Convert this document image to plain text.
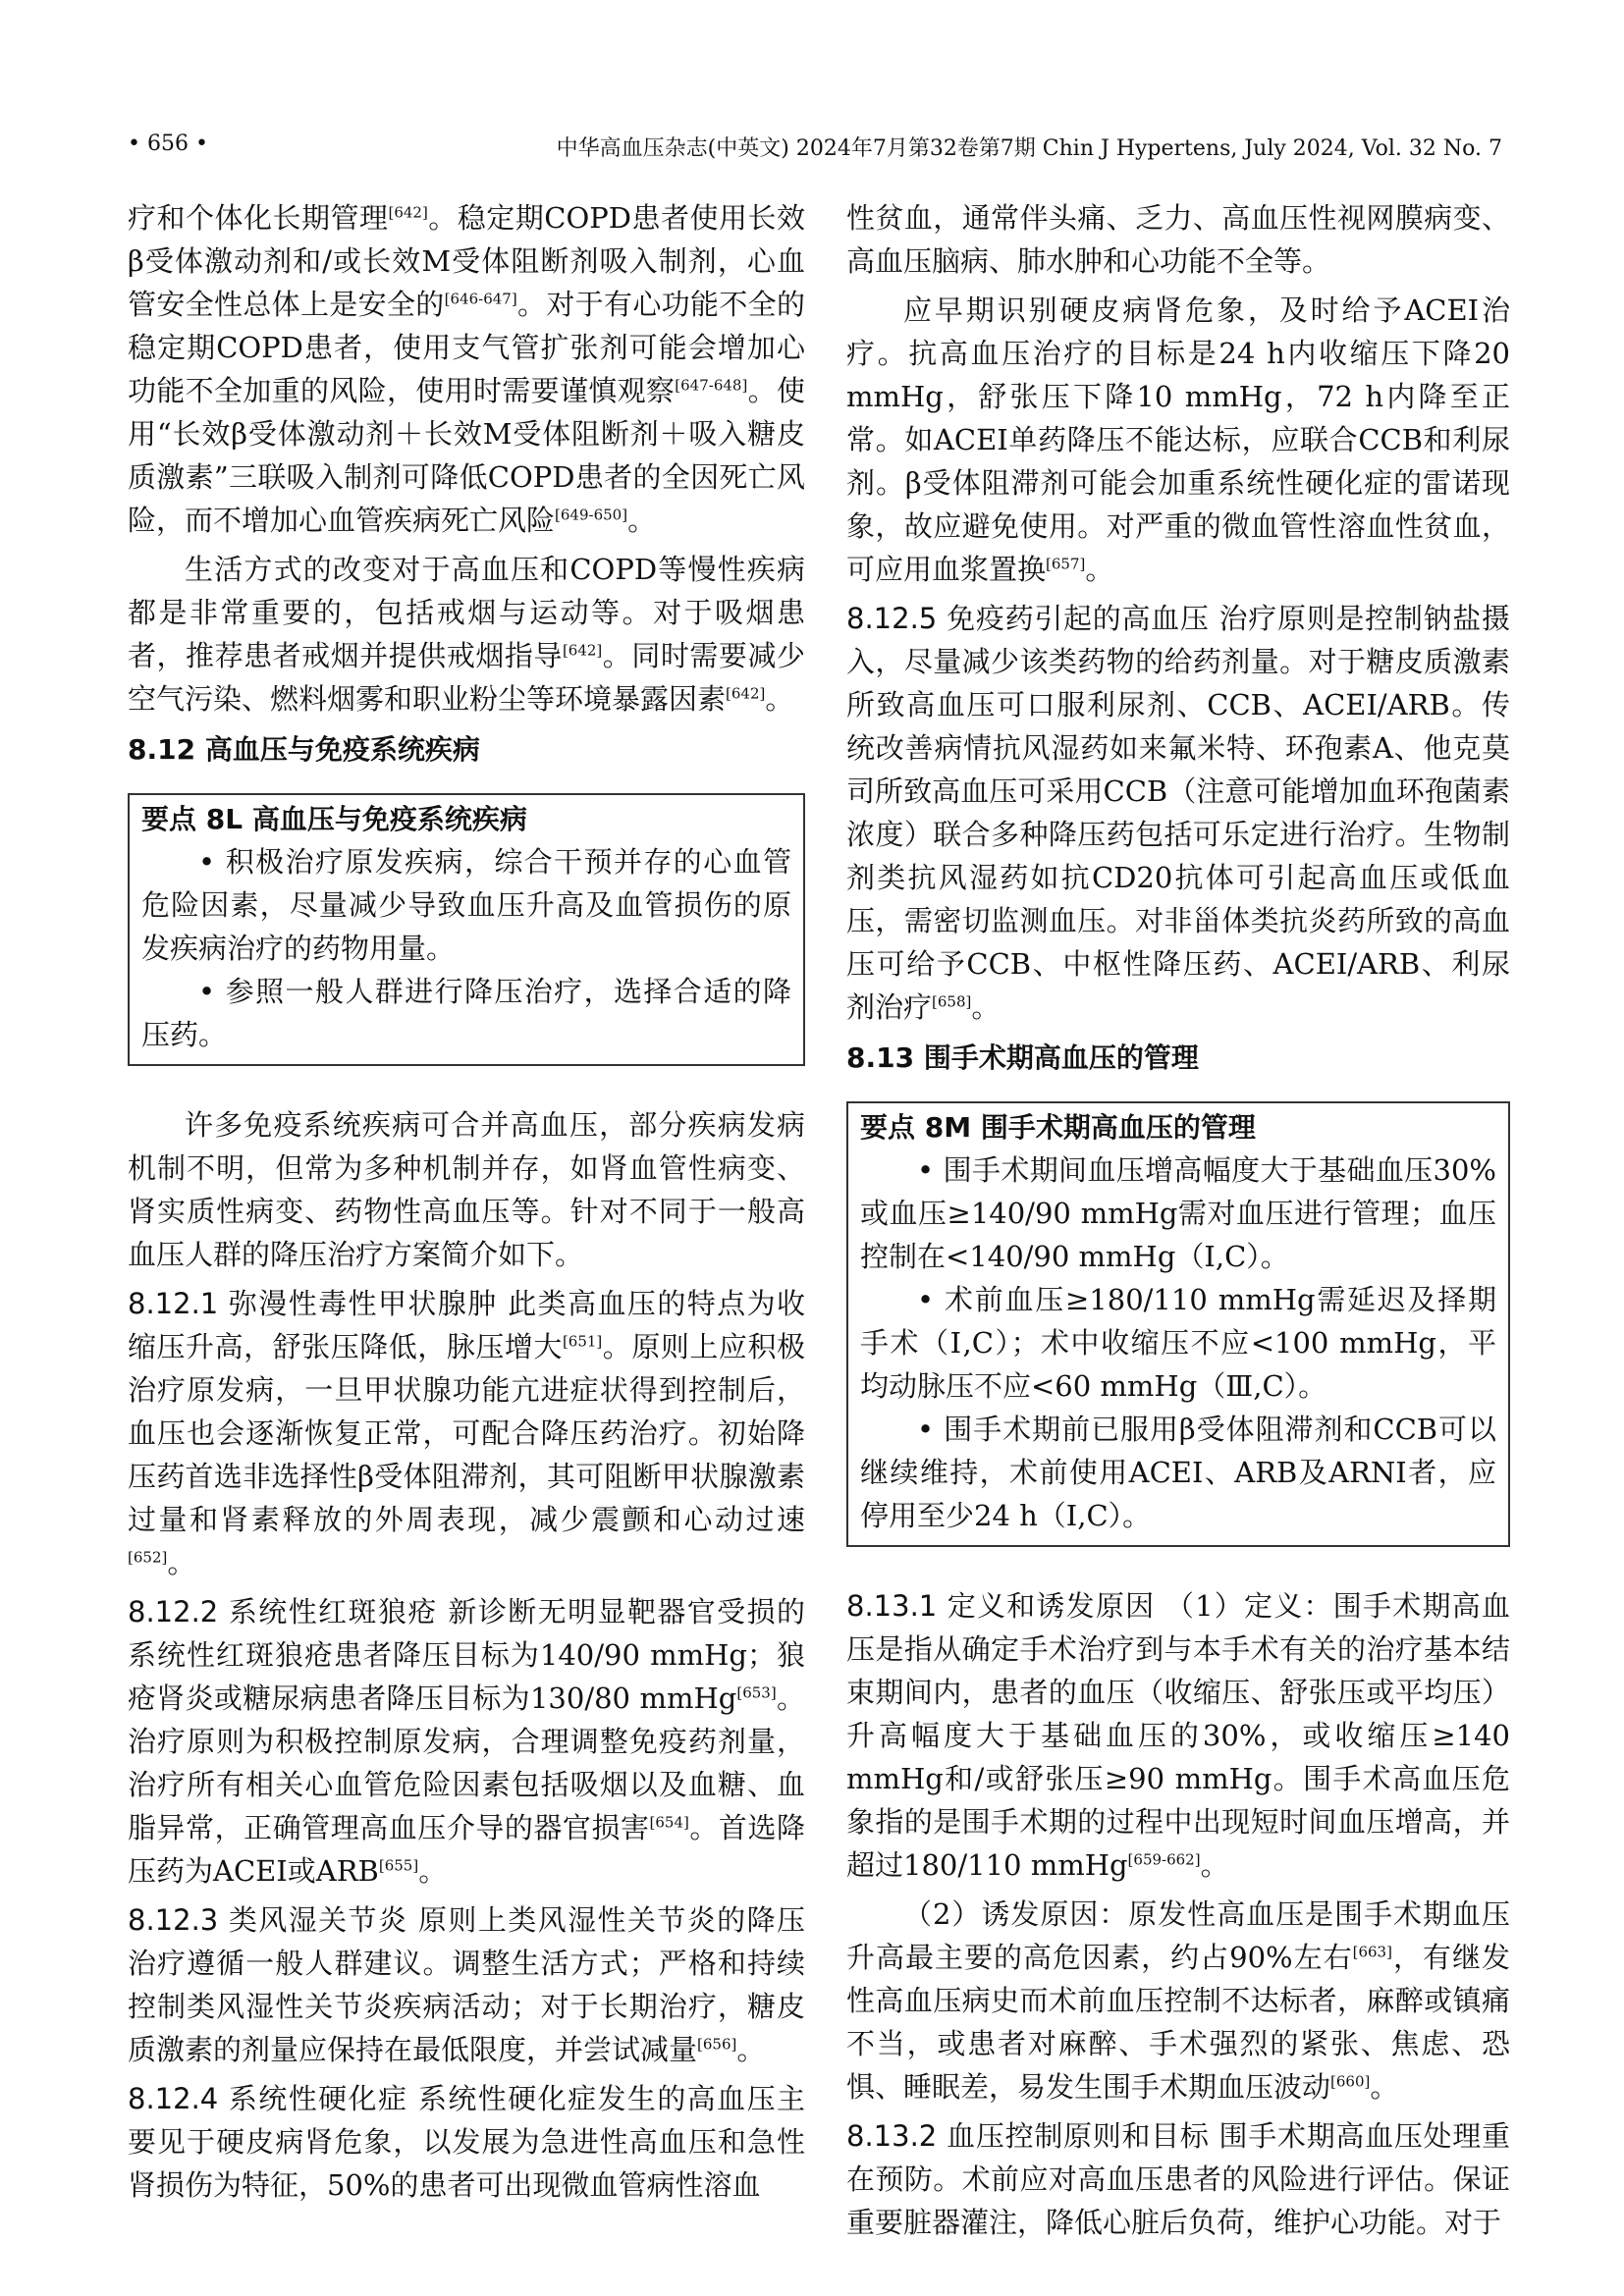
• 656 •	中华高血压杂志(中英文) 2024年7月第32卷第7期 Chin J Hypertens, July 2024, Vol. 32 No. 7

疗和个体化长期管理[642]。稳定期COPD患者使用长效β受体激动剂和/或长效M受体阻断剂吸入制剂，心血管安全性总体上是安全的[646-647]。对于有心功能不全的稳定期COPD患者，使用支气管扩张剂可能会增加心功能不全加重的风险，使用时需要谨慎观察[647-648]。使用“长效β受体激动剂＋长效M受体阻断剂＋吸入糖皮质激素”三联吸入制剂可降低COPD患者的全因死亡风险，而不增加心血管疾病死亡风险[649-650]。

生活方式的改变对于高血压和COPD等慢性疾病都是非常重要的，包括戒烟与运动等。对于吸烟患者，推荐患者戒烟并提供戒烟指导[642]。同时需要减少空气污染、燃料烟雾和职业粉尘等环境暴露因素[642]。

8.12 高血压与免疫系统疾病
要点 8L 高血压与免疫系统疾病

• 积极治疗原发疾病，综合干预并存的心血管危险因素，尽量减少导致血压升高及血管损伤的原发疾病治疗的药物用量。

• 参照一般人群进行降压治疗，选择合适的降压药。

许多免疫系统疾病可合并高血压，部分疾病发病机制不明，但常为多种机制并存，如肾血管性病变、肾实质性病变、药物性高血压等。针对不同于一般高血压人群的降压治疗方案简介如下。

8.12.1 弥漫性毒性甲状腺肿 此类高血压的特点为收缩压升高，舒张压降低，脉压增大[651]。原则上应积极治疗原发病，一旦甲状腺功能亢进症状得到控制后，血压也会逐渐恢复正常，可配合降压药治疗。初始降压药首选非选择性β受体阻滞剂，其可阻断甲状腺激素过量和肾素释放的外周表现，减少震颤和心动过速[652]。

8.12.2 系统性红斑狼疮 新诊断无明显靶器官受损的系统性红斑狼疮患者降压目标为140/90 mmHg；狼疮肾炎或糖尿病患者降压目标为130/80 mmHg[653]。治疗原则为积极控制原发病，合理调整免疫药剂量，治疗所有相关心血管危险因素包括吸烟以及血糖、血脂异常，正确管理高血压介导的器官损害[654]。首选降压药为ACEI或ARB[655]。

8.12.3 类风湿关节炎 原则上类风湿性关节炎的降压治疗遵循一般人群建议。调整生活方式；严格和持续控制类风湿性关节炎疾病活动；对于长期治疗，糖皮质激素的剂量应保持在最低限度，并尝试减量[656]。

8.12.4 系统性硬化症 系统性硬化症发生的高血压主要见于硬皮病肾危象，以发展为急进性高血压和急性肾损伤为特征，50%的患者可出现微血管病性溶血

性贫血，通常伴头痛、乏力、高血压性视网膜病变、高血压脑病、肺水肿和心功能不全等。

应早期识别硬皮病肾危象，及时给予ACEI治疗。抗高血压治疗的目标是24 h内收缩压下降20 mmHg，舒张压下降10 mmHg，72 h内降至正常。如ACEI单药降压不能达标，应联合CCB和利尿剂。β受体阻滞剂可能会加重系统性硬化症的雷诺现象，故应避免使用。对严重的微血管性溶血性贫血，可应用血浆置换[657]。

8.12.5 免疫药引起的高血压 治疗原则是控制钠盐摄入，尽量减少该类药物的给药剂量。对于糖皮质激素所致高血压可口服利尿剂、CCB、ACEI/ARB。传统改善病情抗风湿药如来氟米特、环孢素A、他克莫司所致高血压可采用CCB（注意可能增加血环孢菌素浓度）联合多种降压药包括可乐定进行治疗。生物制剂类抗风湿药如抗CD20抗体可引起高血压或低血压，需密切监测血压。对非甾体类抗炎药所致的高血压可给予CCB、中枢性降压药、ACEI/ARB、利尿剂治疗[658]。

8.13 围手术期高血压的管理
要点 8M 围手术期高血压的管理

• 围手术期间血压增高幅度大于基础血压30%或血压≥140/90 mmHg需对血压进行管理；血压控制在<140/90 mmHg（Ⅰ,C）。

• 术前血压≥180/110 mmHg需延迟及择期手术（Ⅰ,C）；术中收缩压不应<100 mmHg，平均动脉压不应<60 mmHg（Ⅲ,C）。

• 围手术期前已服用β受体阻滞剂和CCB可以继续维持，术前使用ACEI、ARB及ARNI者，应停用至少24 h（Ⅰ,C）。

8.13.1 定义和诱发原因 （1）定义：围手术期高血压是指从确定手术治疗到与本手术有关的治疗基本结束期间内，患者的血压（收缩压、舒张压或平均压）升高幅度大于基础血压的30%，或收缩压≥140 mmHg和/或舒张压≥90 mmHg。围手术高血压危象指的是围手术期的过程中出现短时间血压增高，并超过180/110 mmHg[659-662]。

（2）诱发原因：原发性高血压是围手术期血压升高最主要的高危因素，约占90%左右[663]，有继发性高血压病史而术前血压控制不达标者，麻醉或镇痛不当，或患者对麻醉、手术强烈的紧张、焦虑、恐惧、睡眠差，易发生围手术期血压波动[660]。

8.13.2 血压控制原则和目标 围手术期高血压处理重在预防。术前应对高血压患者的风险进行评估。保证重要脏器灌注，降低心脏后负荷，维护心功能。对于
